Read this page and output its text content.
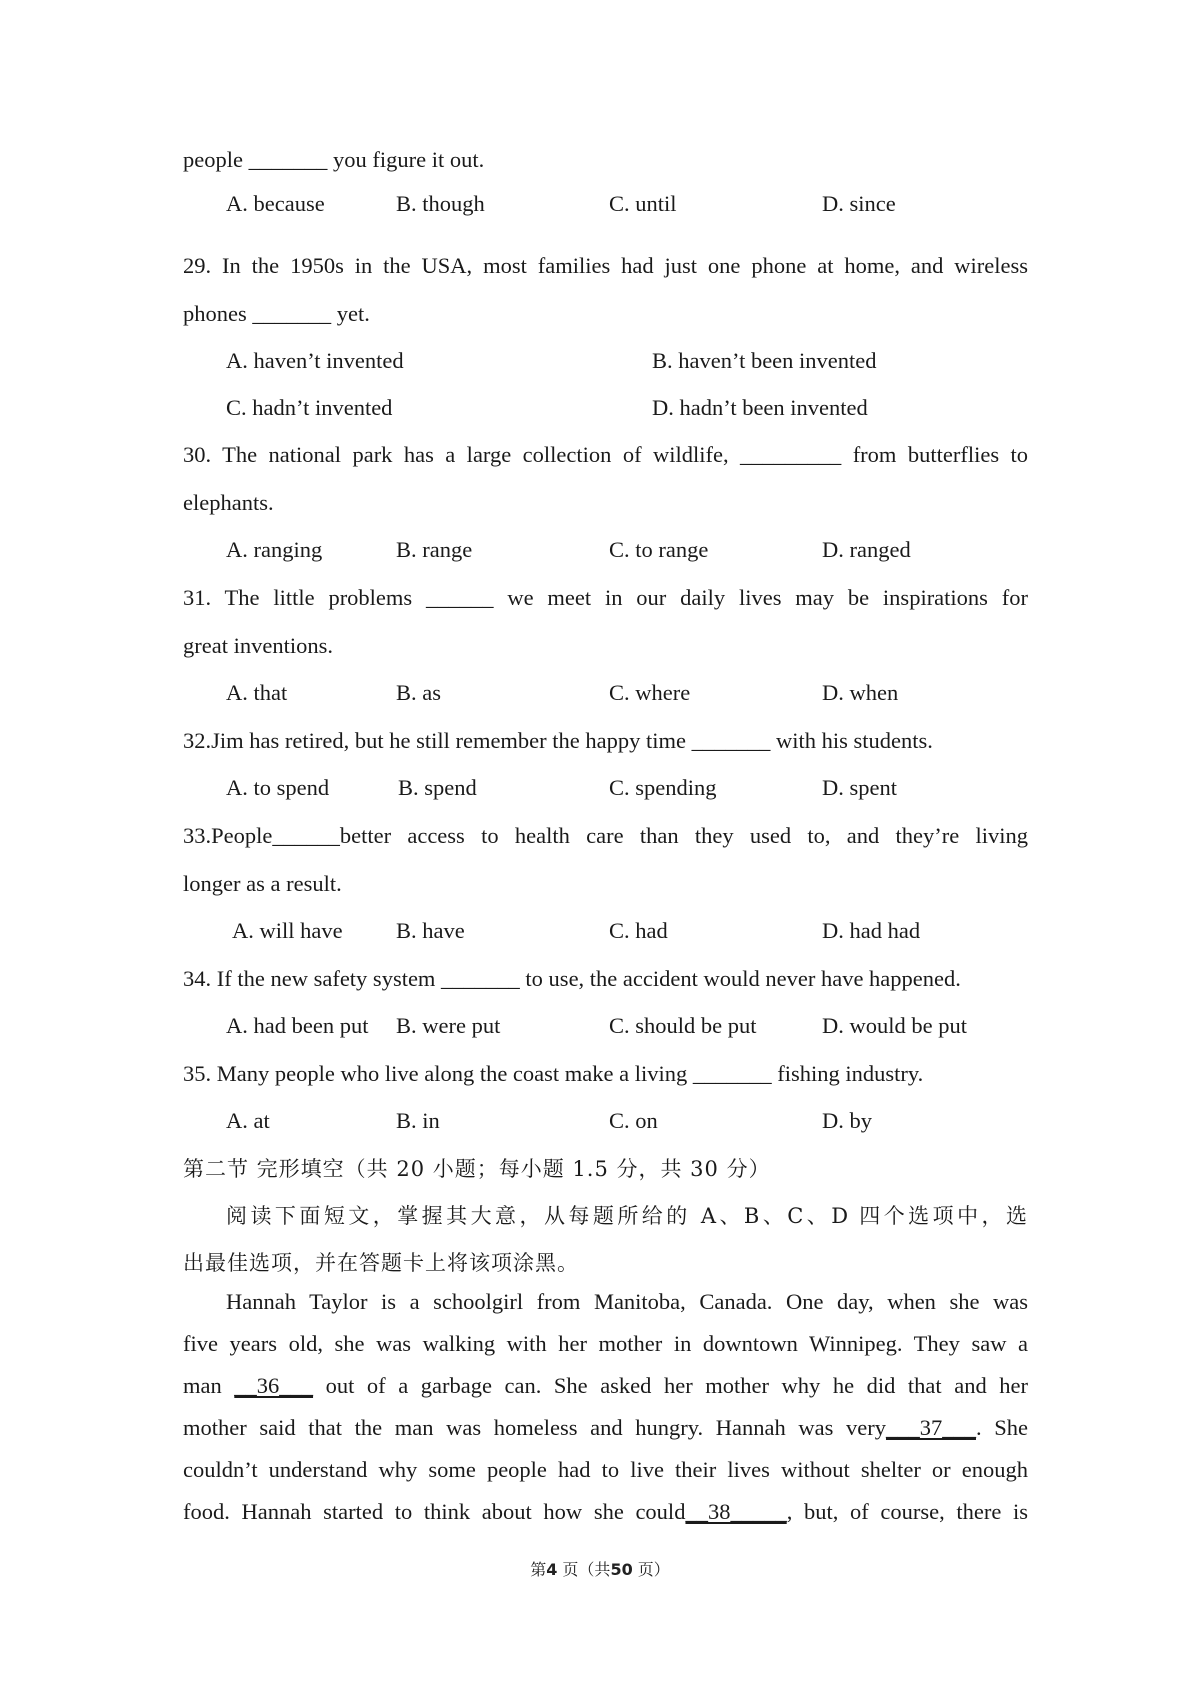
people _______ you figure it out.
A. because	B. though	C. until	D. since
29. In the 1950s in the USA, most families had just one phone at home, and wireless
phones _______ yet.
A. haven’t invented	B. haven’t been invented
C. hadn’t invented	D. hadn’t been invented
30. The national park has a large collection of wildlife, _________ from butterflies to
elephants.
A. ranging	B. range	C. to range	D. ranged
31. The little problems ______ we meet in our daily lives may be inspirations for
great inventions.
A. that	B. as	C. where	D. when
32.Jim has retired, but he still remember the happy time _______ with his students.
A. to spend	B. spend	C. spending	D. spent
33.People______better access to health care than they used to, and they’re living
longer as a result.
A. will have B. have	C. had	D. had had
34. If the new safety system _______ to use, the accident would never have happened.
A. had been put B. were put	C. should be put	D. would be put
35. Many people who live along the coast make a living _______ fishing industry.
A. at	B. in	C. on	D. by
第二节 完形填空（共 20 小题；每小题 1.5 分，共 30 分）
阅读下面短文，掌握其大意，从每题所给的 A、B、C、D 四个选项中，选
出最佳选项，并在答题卡上将该项涂黑。
Hannah Taylor is a schoolgirl from Manitoba, Canada. One day, when she was
five years old, she was walking with her mother in downtown Winnipeg. They saw a
man __36___ out of a garbage can. She asked her mother why he did that and her
mother said that the man was homeless and hungry. Hannah was very___37___. She
couldn’t understand why some people had to live their lives without shelter or enough
food. Hannah started to think about how she could__38_____, but, of course, there is
第4 页（共50 页）
